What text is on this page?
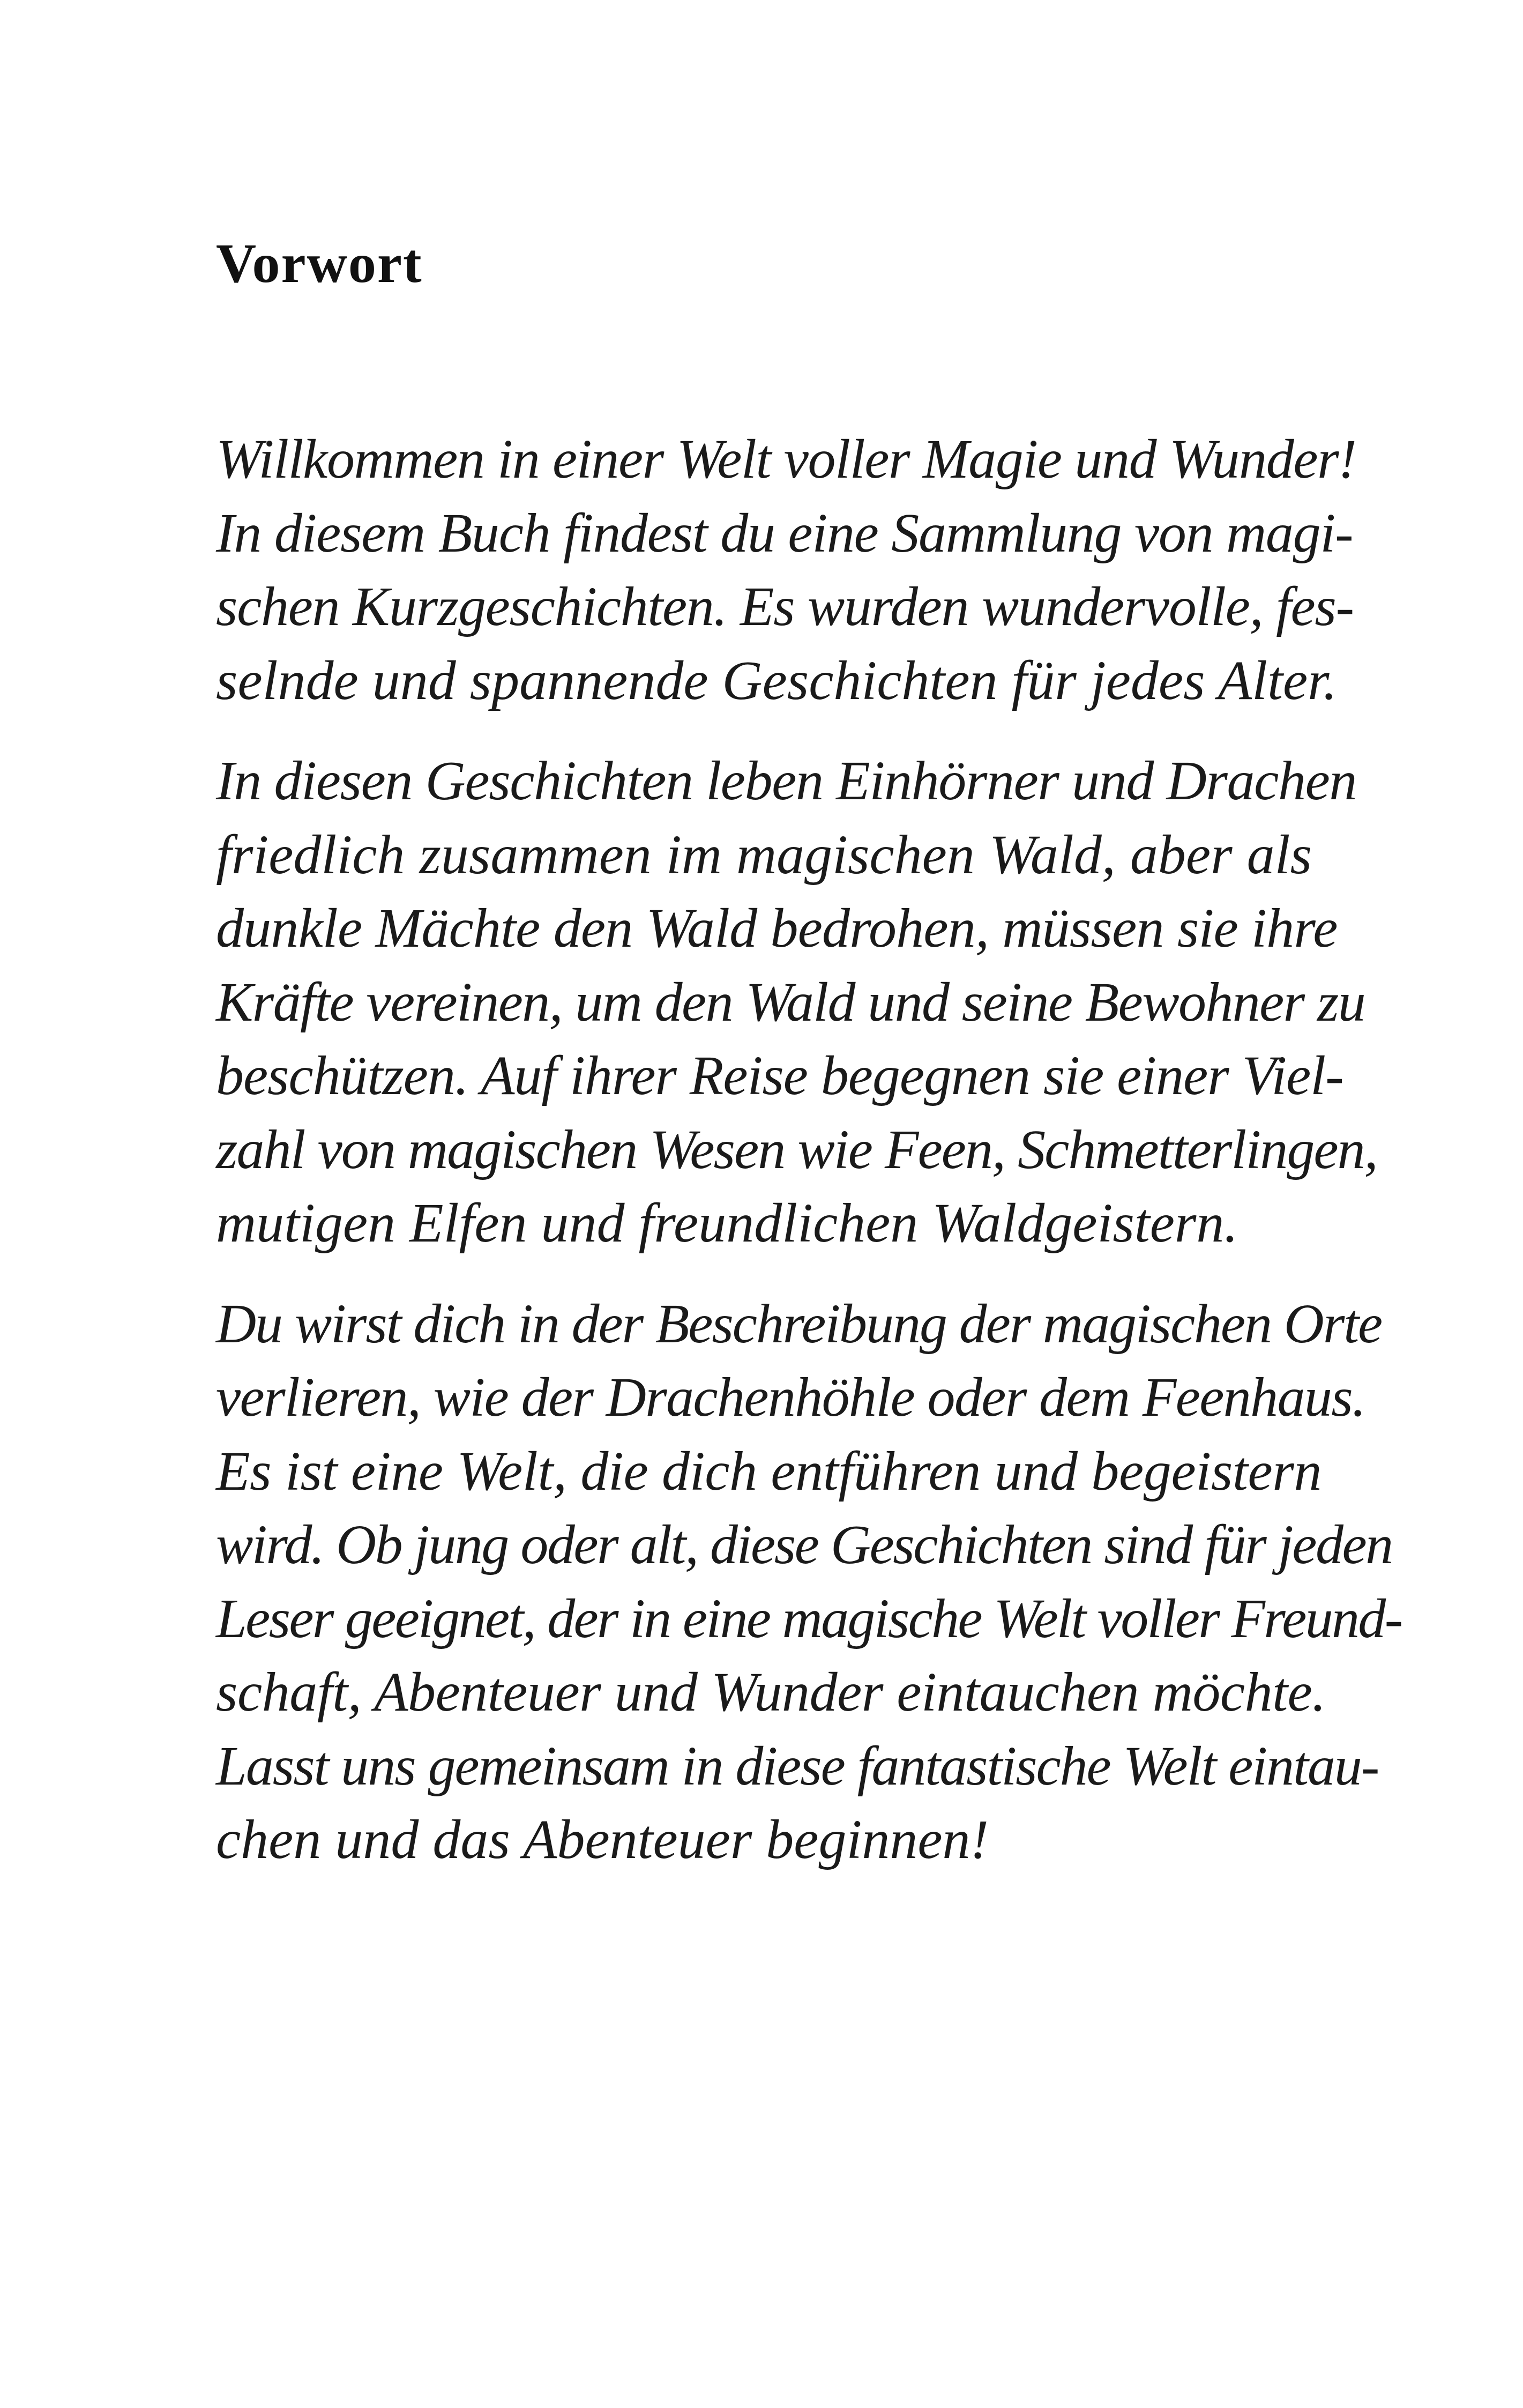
Vorwort

Willkommen in einer Welt voller Magie und Wunder!
In diesem Buch findest du eine Sammlung von magi-
schen Kurzgeschichten. Es wurden wundervolle, fes-
selnde und spannende Geschichten für jedes Alter.

In diesen Geschichten leben Einhörner und Drachen
friedlich zusammen im magischen Wald, aber als
dunkle Mächte den Wald bedrohen, müssen sie ihre
Kräfte vereinen, um den Wald und seine Bewohner zu
beschützen. Auf ihrer Reise begegnen sie einer Viel-
zahl von magischen Wesen wie Feen, Schmetterlingen,
mutigen Elfen und freundlichen Waldgeistern.

Du wirst dich in der Beschreibung der magischen Orte
verlieren, wie der Drachenhöhle oder dem Feenhaus.
Es ist eine Welt, die dich entführen und begeistern
wird. Ob jung oder alt, diese Geschichten sind für jeden
Leser geeignet, der in eine magische Welt voller Freund-
schaft, Abenteuer und Wunder eintauchen möchte.
Lasst uns gemeinsam in diese fantastische Welt eintau-
chen und das Abenteuer beginnen!
